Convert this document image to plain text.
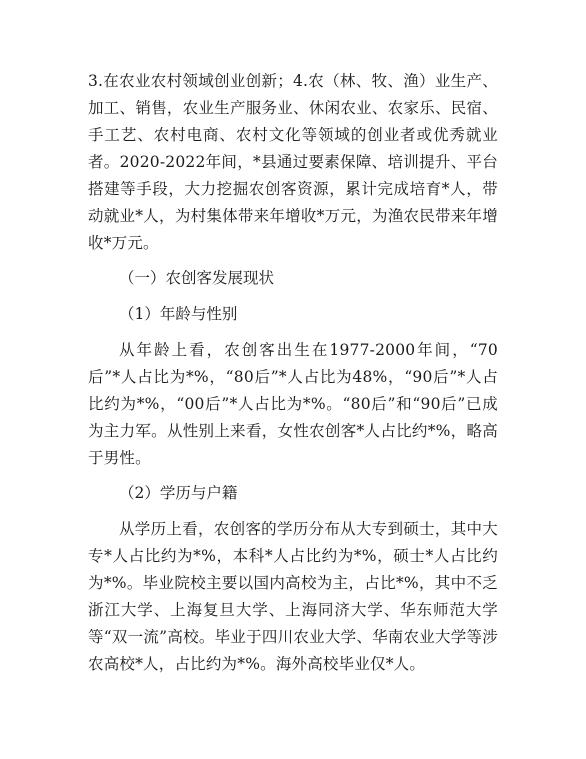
3.在农业农村领域创业创新；4.农（林、牧、渔）业生产、加工、销售，农业生产服务业、休闲农业、农家乐、民宿、手工艺、农村电商、农村文化等领域的创业者或优秀就业者。2020-2022年间，*县通过要素保障、培训提升、平台搭建等手段，大力挖掘农创客资源，累计完成培育*人，带动就业*人，为村集体带来年增收*万元，为渔农民带来年增收*万元。

（一）农创客发展现状

（1）年龄与性别

从年龄上看，农创客出生在1977-2000年间，“70后”*人占比为*%，“80后”*人占比为48%，“90后”*人占比约为*%，“00后”*人占比为*%。“80后”和“90后”已成为主力军。从性别上来看，女性农创客*人占比约*%，略高于男性。

（2）学历与户籍

从学历上看，农创客的学历分布从大专到硕士，其中大专*人占比约为*%，本科*人占比约为*%，硕士*人占比约为*%。毕业院校主要以国内高校为主，占比*%，其中不乏浙江大学、上海复旦大学、上海同济大学、华东师范大学等“双一流”高校。毕业于四川农业大学、华南农业大学等涉农高校*人，占比约为*%。海外高校毕业仅*人。
